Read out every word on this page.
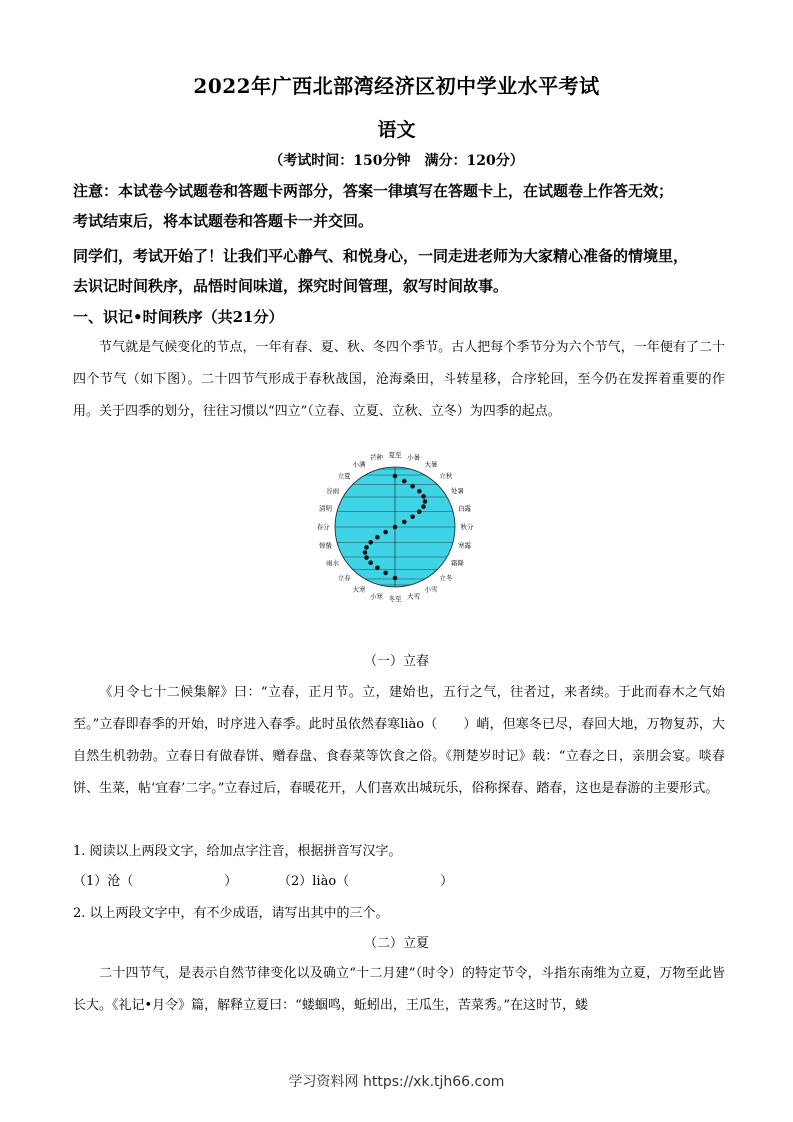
2022年广西北部湾经济区初中学业水平考试
语文
（考试时间：150分钟　满分：120分）
注意：本试卷今试题卷和答题卡两部分，答案一律填写在答题卡上，在试题卷上作答无效；
考试结束后，将本试题卷和答题卡一并交回。
同学们，考试开始了！让我们平心静气、和悦身心，一同走进老师为大家精心准备的情境里，
去识记时间秩序，品悟时间味道，探究时间管理，叙写时间故事。
一、识记•时间秩序（共21分）
节气就是气候变化的节点，一年有春、夏、秋、冬四个季节。古人把每个季节分为六个节气，一年便有了二十四个节气（如下图）。二十四节气形成于春秋战国，沧海桑田，斗转星移，合序轮回，至今仍在发挥着重要的作用。关于四季的划分，往往习惯以“四立”（立春、立夏、立秋、立冬）为四季的起点。
夏至 小暑
大暑
立秋
处暑
白露
秋分
寒露
霜降
立冬
小雪
大雪
冬至
小寒
大寒
立春
雨水
惊蛰
春分
清明
谷雨
立夏
小满
芒种
（一）立春
《月令七十二候集解》曰：“立春，正月节。立，建始也，五行之气，往者过，来者续。于此而春木之气始至。”立春即春季的开始，时序进入春季。此时虽依然春寒liào（　　）峭，但寒冬已尽，春回大地，万物复苏，大自然生机勃勃。立春日有做春饼、赠春盘、食春菜等饮食之俗。《荆楚岁时记》载：“立春之日，亲朋会宴。啖春饼、生菜，帖‘宜春’二字。”立春过后，春暖花开，人们喜欢出城玩乐，俗称探春、踏春，这也是春游的主要形式。
1. 阅读以上两段文字，给加点字注音，根据拼音写汉字。
（1）沧（　　　　　　　）	（2）liào（　　　　　　　）
2. 以上两段文字中，有不少成语，请写出其中的三个。
（二）立夏
二十四节气，是表示自然节律变化以及确立“十二月建”（时令）的特定节令，斗指东南维为立夏，万物至此皆长大。《礼记•月令》篇，解释立夏曰：“蝼蝈鸣，蚯蚓出，王瓜生，苦菜秀。”在这时节，蝼
学习资料网 https://xk.tjh66.com
